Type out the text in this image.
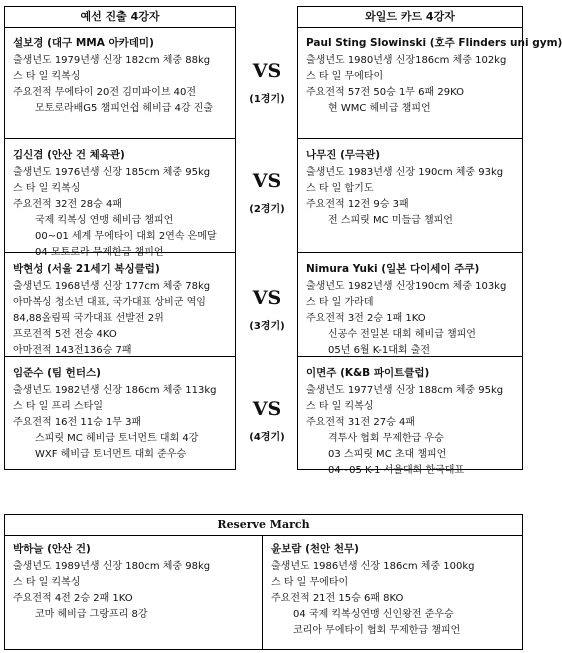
예선 진출 4강자
설보경 (대구 MMA 아카데미)
출생년도 1979년생 신장 182cm 체중 88kg
스 타 일 킥복싱
주요전적 무에타이 20전 김미파이브 40전
모토로라배G5 챔피언쉽 헤비급 4강 진출
김신겸 (안산 건 체육관)
출생년도 1976년생 신장 185cm 체중 95kg
스 타 일 킥복싱
주요전적 32전 28승 4패
국제 킥복싱 연맹 헤비급 챔피언
00~01 세계 무에타이 대회 2연속 은메달
04 모토로라 무제한급 챔피언
박현성 (서울 21세기 복싱클럽)
출생년도 1968년생 신장 177cm 체중 78kg
아마복싱 청소년 대표, 국가대표 상비군 역임
84,88올림픽 국가대표 선발전 2위
프로전적 5전 전승 4KO
아마전적 143전136승 7패
임준수 (팀 헌터스)
출생년도 1982년생 신장 186cm 체중 113kg
스 타 일 프리 스타일
주요전적 16전 11승 1무 3패
스피릿 MC 헤비급 토너먼트 대회 4강
WXF 헤비급 토너먼트 대회 준우승
와일드 카드 4강자
Paul Sting Slowinski (호주 Flinders uni gym)
출생년도 1980년생 신장186cm 체중 102kg
스 타 일 무에타이
주요전적 57전 50승 1무 6패 29KO
현 WMC 헤비급 챔피언
나무진 (무극관)
출생년도 1983년생 신장 190cm 체중 93kg
스 타 일 합기도
주요전적 12전 9승 3패
전 스피릿 MC 미들급 챔피언
Nimura Yuki (일본 다이세이 주쿠)
출생년도 1982년생 신장190cm 체중 103kg
스 타 일 가라데
주요전적 3전 2승 1패 1KO
신공수 전일본 대회 헤비급 챔피언
05년 6월 K-1대회 출전
이면주 (K&B 파이트클럽)
출생년도 1977년생 신장 188cm 체중 95kg
스 타 일 킥복싱
주요전적 31전 27승 4패
격투사 협회 무제한급 우승
03 스피릿 MC 초대 챔피언
04~05 K-1 서울대회 한국대표
Reserve March
박하늘 (안산 건)
출생년도 1989년생 신장 180cm 체중 98kg
스 타 일 킥복싱
주요전적 4전 2승 2패 1KO
코마 헤비급 그랑프리 8강
윤보람 (천안 천무)
출생년도 1986년생 신장 186cm 체중 100kg
스 타 일 무에타이
주요전적 21전 15승 6패 8KO
04 국제 킥복싱연맹 신인왕전 준우승
코리아 무에타이 협회 무제한급 챔피언
VS
(1경기)
VS
(2경기)
VS
(3경기)
VS
(4경기)
